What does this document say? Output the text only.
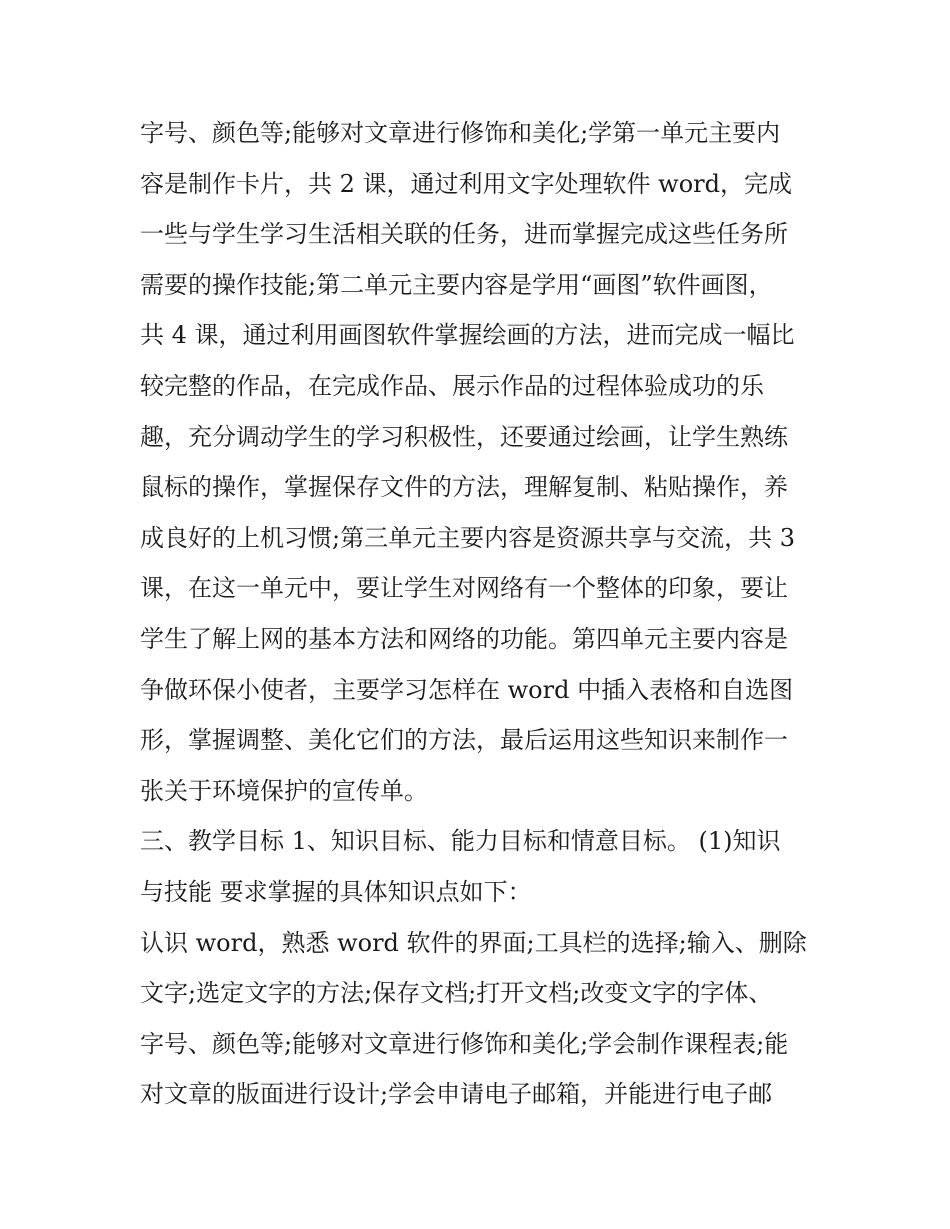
字号、颜色等;能够对文章进行修饰和美化;学第一单元主要内
容是制作卡片，共 2 课，通过利用文字处理软件 word，完成
一些与学生学习生活相关联的任务，进而掌握完成这些任务所
需要的操作技能;第二单元主要内容是学用“画图”软件画图，
共 4 课，通过利用画图软件掌握绘画的方法，进而完成一幅比
较完整的作品，在完成作品、展示作品的过程体验成功的乐
趣，充分调动学生的学习积极性，还要通过绘画，让学生熟练
鼠标的操作，掌握保存文件的方法，理解复制、粘贴操作，养
成良好的上机习惯;第三单元主要内容是资源共享与交流，共 3
课，在这一单元中，要让学生对网络有一个整体的印象，要让
学生了解上网的基本方法和网络的功能。第四单元主要内容是
争做环保小使者，主要学习怎样在 word 中插入表格和自选图
形，掌握调整、美化它们的方法，最后运用这些知识来制作一
张关于环境保护的宣传单。
三、教学目标 1、知识目标、能力目标和情意目标。 (1)知识
与技能 要求掌握的具体知识点如下：
认识 word，熟悉 word 软件的界面;工具栏的选择;输入、删除
文字;选定文字的方法;保存文档;打开文档;改变文字的字体、
字号、颜色等;能够对文章进行修饰和美化;学会制作课程表;能
对文章的版面进行设计;学会申请电子邮箱，并能进行电子邮
